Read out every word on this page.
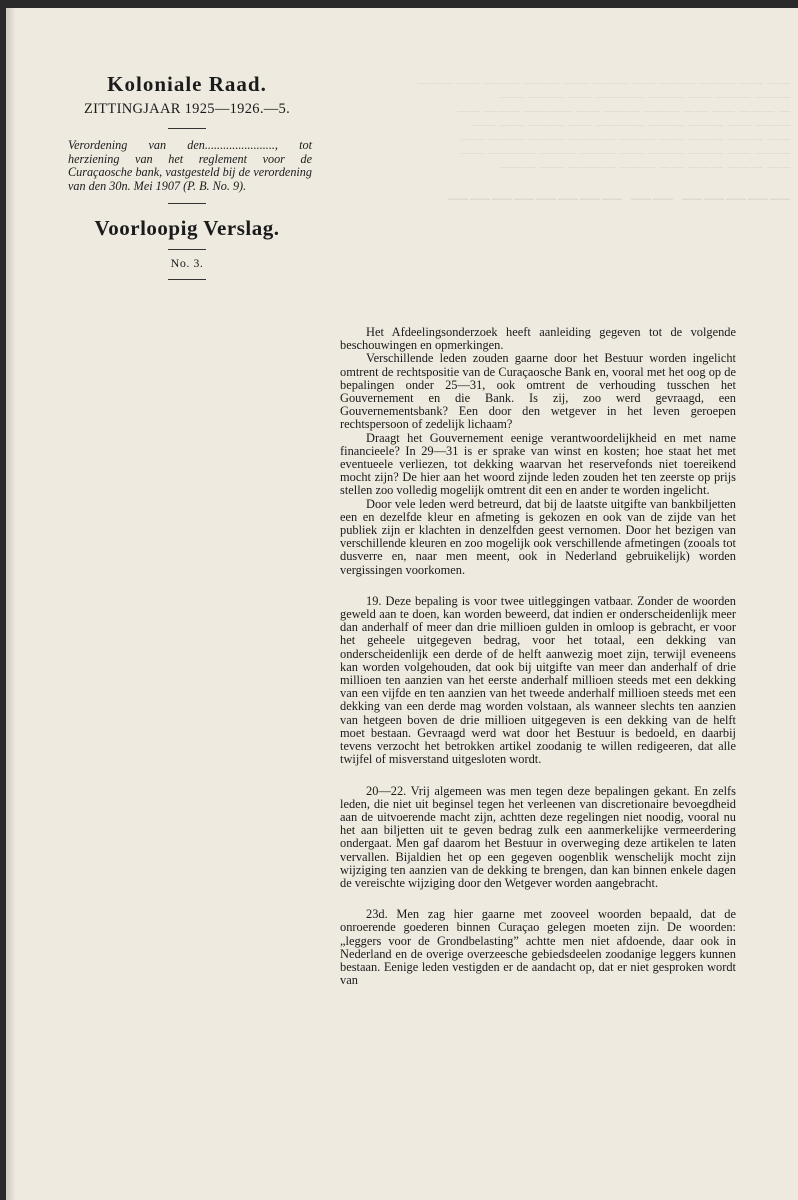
—— —— ——— ——— —— ——— —— ——— ——— —— ———
——— ——— —— ——— ———— —— ——— ——
— ——— —— —— ——— ——— —— ———— ——— ——
——— —— ——— ——— ———— —— ——— —— ——
—— ——— ——— —— ——— ———— ——— ——— ——
——— —— ——— ——— —— ——— ——— ———— ——
—— ——— ——— —— ——— ———— —— ———
————— —— ————————
Koloniale Raad.
ZITTINGJAAR 1925—1926.—5.
Verordening van den......................., tot herziening van het reglement voor de Curaçaosche bank, vastgesteld bij de verordening van den 30n. Mei 1907 (P. B. No. 9).
Voorloopig Verslag.
No. 3.

Het Afdeelingsonderzoek heeft aanleiding gegeven tot de volgende beschouwingen en opmerkingen.

Verschillende leden zouden gaarne door het Bestuur worden ingelicht omtrent de rechtspositie van de Curaçaosche Bank en, vooral met het oog op de bepalingen onder 25—31, ook omtrent de verhouding tusschen het Gouvernement en die Bank. Is zij, zoo werd gevraagd, een Gouvernementsbank? Een door den wetgever in het leven geroepen rechtspersoon of zedelijk lichaam?

Draagt het Gouvernement eenige verantwoordelijkheid en met name financieele? In 29—31 is er sprake van winst en kosten; hoe staat het met eventueele verliezen, tot dekking waarvan het reservefonds niet toereikend mocht zijn? De hier aan het woord zijnde leden zouden het ten zeerste op prijs stellen zoo volledig mogelijk omtrent dit een en ander te worden ingelicht.

Door vele leden werd betreurd, dat bij de laatste uitgifte van bankbiljetten een en dezelfde kleur en afmeting is gekozen en ook van de zijde van het publiek zijn er klachten in denzelfden geest vernomen. Door het bezigen van verschillende kleuren en zoo mogelijk ook verschillende afmetingen (zooals tot dusverre en, naar men meent, ook in Nederland gebruikelijk) worden vergissingen voorkomen.

19. Deze bepaling is voor twee uitleggingen vatbaar. Zonder de woorden geweld aan te doen, kan worden beweerd, dat indien er onderscheidenlijk meer dan anderhalf of meer dan drie millioen gulden in omloop is gebracht, er voor het geheele uitgegeven bedrag, voor het totaal, een dekking van onderscheidenlijk een derde of de helft aanwezig moet zijn, terwijl eveneens kan worden volgehouden, dat ook bij uitgifte van meer dan anderhalf of drie millioen ten aanzien van het eerste anderhalf millioen steeds met een dekking van een vijfde en ten aanzien van het tweede anderhalf millioen steeds met een dekking van een derde mag worden volstaan, als wanneer slechts ten aanzien van hetgeen boven de drie millioen uitgegeven is een dekking van de helft moet bestaan. Gevraagd werd wat door het Bestuur is bedoeld, en daarbij tevens verzocht het betrokken artikel zoodanig te willen redigeeren, dat alle twijfel of misverstand uitgesloten wordt.

20—22. Vrij algemeen was men tegen deze bepalingen gekant. En zelfs leden, die niet uit beginsel tegen het verleenen van discretionaire bevoegdheid aan de uitvoerende macht zijn, achtten deze regelingen niet noodig, vooral nu het aan biljetten uit te geven bedrag zulk een aanmerkelijke vermeerdering ondergaat. Men gaf daarom het Bestuur in overweging deze artikelen te laten vervallen. Bijaldien het op een gegeven oogenblik wenschelijk mocht zijn wijziging ten aanzien van de dekking te brengen, dan kan binnen enkele dagen de vereischte wijziging door den Wetgever worden aangebracht.

23d. Men zag hier gaarne met zooveel woorden bepaald, dat de onroerende goederen binnen Curaçao gelegen moeten zijn. De woorden: „leggers voor de Grondbelasting” achtte men niet afdoende, daar ook in Nederland en de overige overzeesche gebiedsdeelen zoodanige leggers kunnen bestaan. Eenige leden vestigden er de aandacht op, dat er niet gesproken wordt van
